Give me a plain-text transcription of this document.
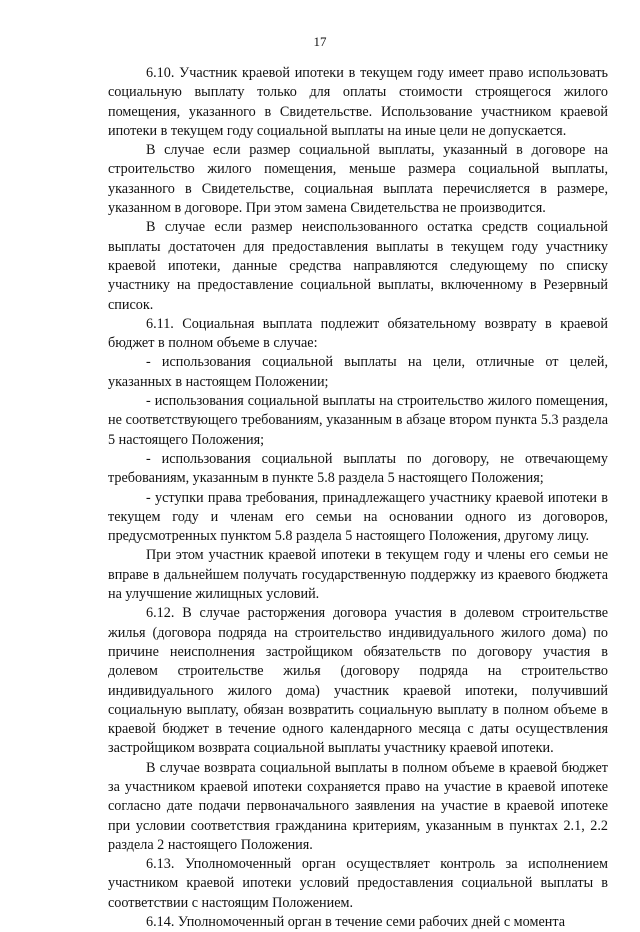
17

6.10. Участник краевой ипотеки в текущем году имеет право использовать социальную выплату только для оплаты стоимости строящегося жилого помещения, указанного в Свидетельстве. Использование участником краевой ипотеки в текущем году социальной выплаты на иные цели не допускается.

В случае если размер социальной выплаты, указанный в договоре на строительство жилого помещения, меньше размера социальной выплаты, указанного в Свидетельстве, социальная выплата перечисляется в размере, указанном в договоре. При этом замена Свидетельства не производится.

В случае если размер неиспользованного остатка средств социальной выплаты достаточен для предоставления выплаты в текущем году участнику краевой ипотеки, данные средства направляются следующему по списку участнику на предоставление социальной выплаты, включенному в Резервный список.

6.11. Социальная выплата подлежит обязательному возврату в краевой бюджет в полном объеме в случае:

- использования социальной выплаты на цели, отличные от целей, указанных в настоящем Положении;

- использования социальной выплаты на строительство жилого помещения, не соответствующего требованиям, указанным в абзаце втором пункта 5.3 раздела 5 настоящего Положения;

- использования социальной выплаты по договору, не отвечающему требованиям, указанным в пункте 5.8 раздела 5 настоящего Положения;

- уступки права требования, принадлежащего участнику краевой ипотеки в текущем году и членам его семьи на основании одного из договоров, предусмотренных пунктом 5.8 раздела 5 настоящего Положения, другому лицу.

При этом участник краевой ипотеки в текущем году и члены его семьи не вправе в дальнейшем получать государственную поддержку из краевого бюджета на улучшение жилищных условий.

6.12. В случае расторжения договора участия в долевом строительстве жилья (договора подряда на строительство индивидуального жилого дома) по причине неисполнения застройщиком обязательств по договору участия в долевом строительстве жилья (договору подряда на строительство индивидуального жилого дома) участник краевой ипотеки, получивший социальную выплату, обязан возвратить социальную выплату в полном объеме в краевой бюджет в течение одного календарного месяца с даты осуществления застройщиком возврата социальной выплаты участнику краевой ипотеки.

В случае возврата социальной выплаты в полном объеме в краевой бюджет за участником краевой ипотеки сохраняется право на участие в краевой ипотеке согласно дате подачи первоначального заявления на участие в краевой ипотеке при условии соответствия гражданина критериям, указанным в пунктах 2.1, 2.2 раздела 2 настоящего Положения.

6.13. Уполномоченный орган осуществляет контроль за исполнением участником краевой ипотеки условий предоставления социальной выплаты в соответствии с настоящим Положением.

6.14. Уполномоченный орган в течение семи рабочих дней с момента
